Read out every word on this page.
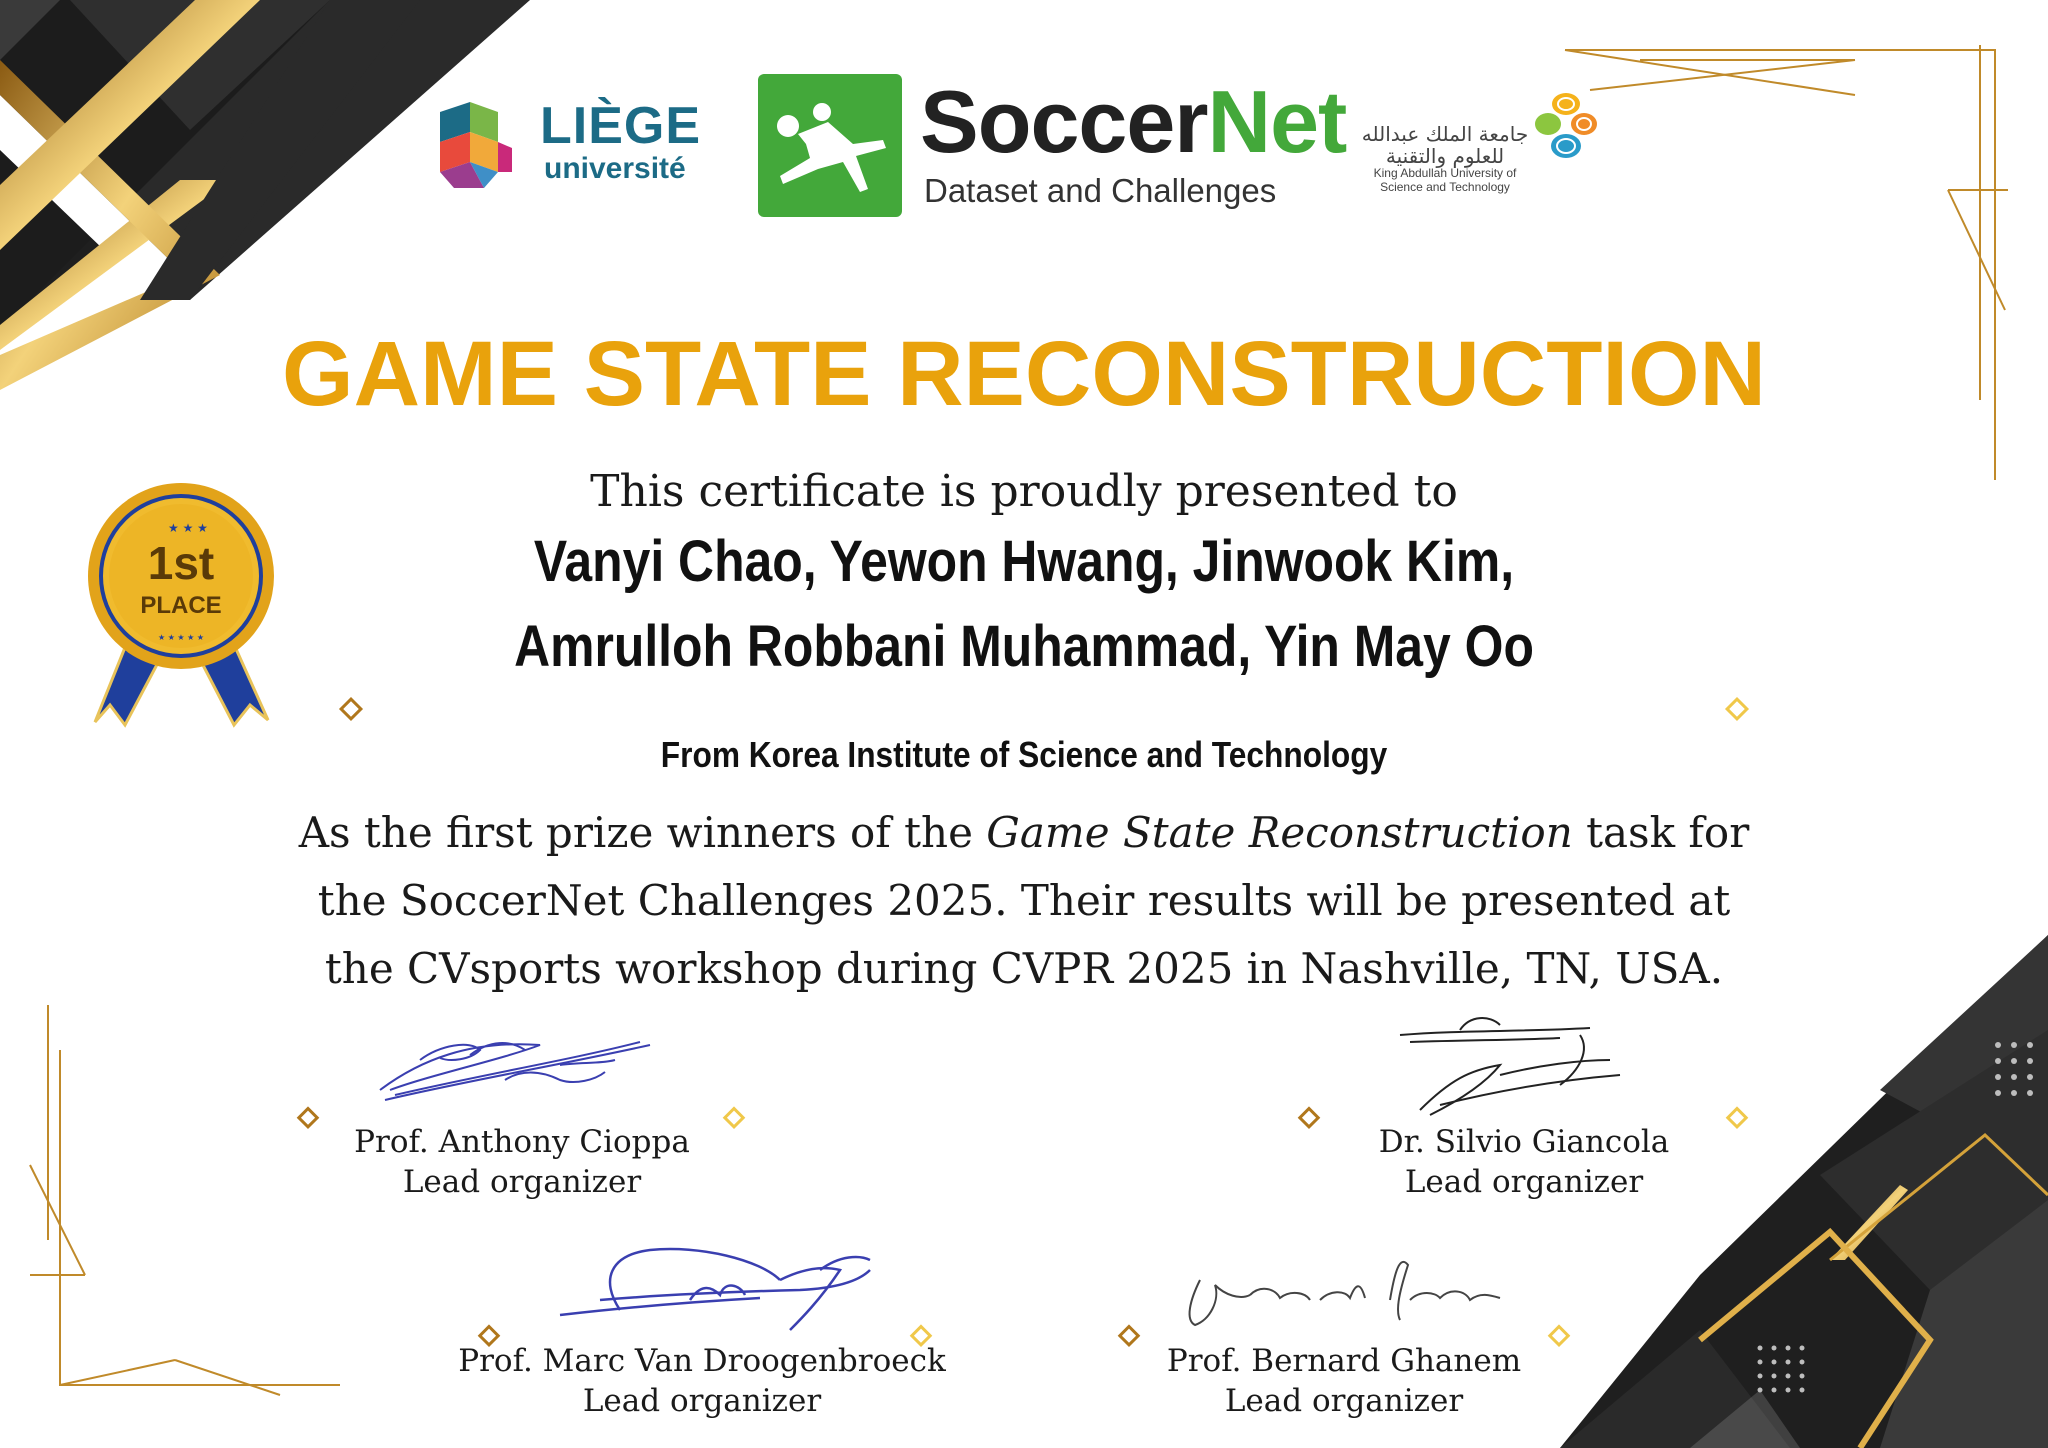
★ ★ ★
★ ★ ★ ★ ★
1st
PLACE
LIÈGE
université	SoccerNet
Dataset and Challenges
جامعة الملك عبدالله
للعلوم والتقنية
King Abdullah University of
Science and Technology
GAME STATE RECONSTRUCTION
This certificate is proudly presented to
Vanyi Chao, Yewon Hwang, Jinwook Kim,
Amrulloh Robbani Muhammad, Yin May Oo
From Korea Institute of Science and Technology
As the first prize winners of the Game State Reconstruction task for
the SoccerNet Challenges 2025. Their results will be presented at
the CVsports workshop during CVPR 2025 in Nashville, TN, USA.
Prof. Anthony Cioppa
Lead organizer
Dr. Silvio Giancola
Lead organizer
Prof. Marc Van Droogenbroeck
Lead organizer
Prof. Bernard Ghanem
Lead organizer
